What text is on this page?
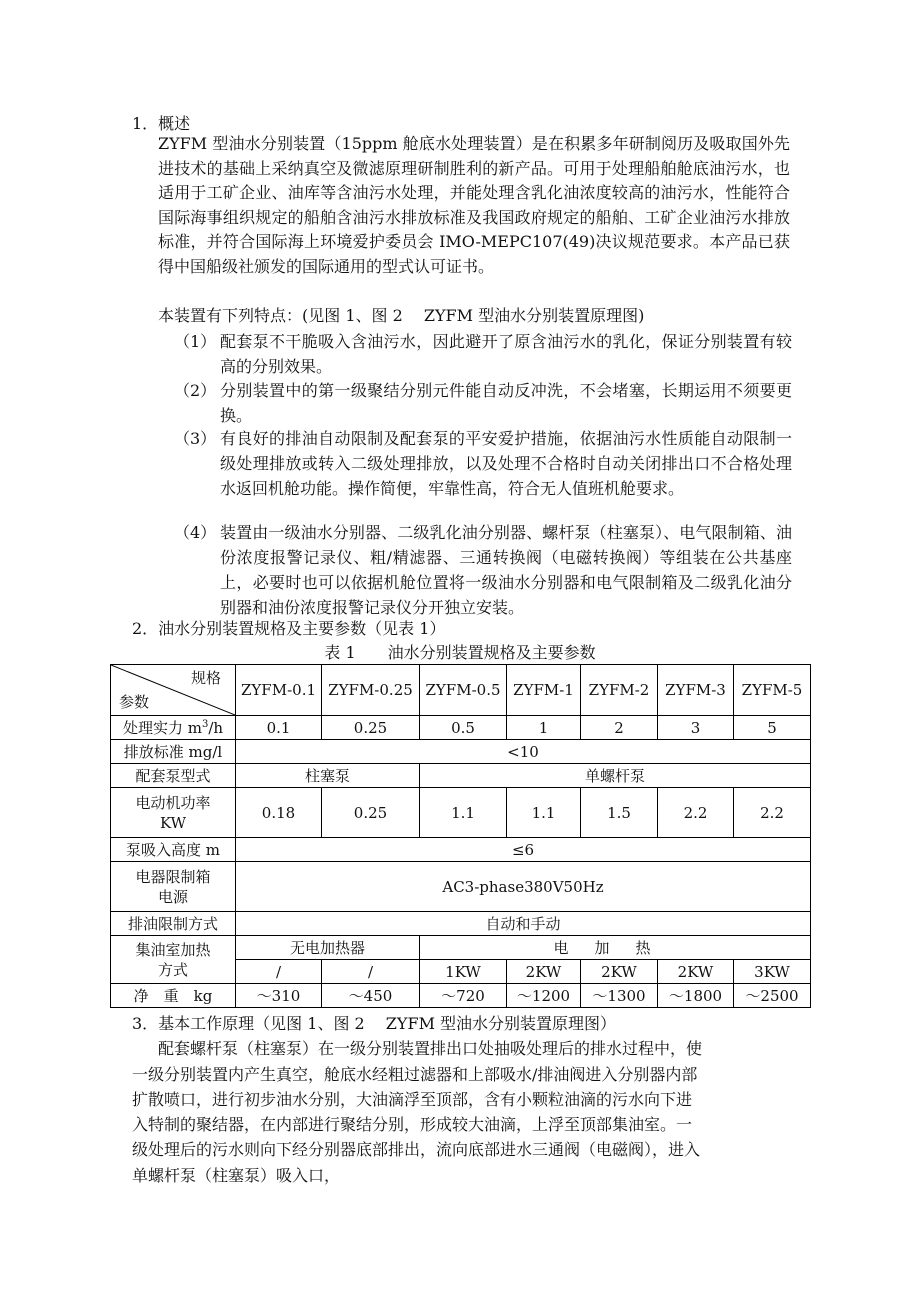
1．概述
ZYFM 型油水分别装置（15ppm 舱底水处理装置）是在积累多年研制阅历及吸取国外先进技术的基础上采纳真空及微滤原理研制胜利的新产品。可用于处理船舶舱底油污水，也适用于工矿企业、油库等含油污水处理，并能处理含乳化油浓度较高的油污水，性能符合国际海事组织规定的船舶含油污水排放标准及我国政府规定的船舶、工矿企业油污水排放标准，并符合国际海上环境爱护委员会 IMO-MEPC107(49)决议规范要求。本产品已获得中国船级社颁发的国际通用的型式认可证书。
本装置有下列特点：(见图 1、图 2　 ZYFM 型油水分别装置原理图)
（1） 配套泵不干脆吸入含油污水，因此避开了原含油污水的乳化，保证分别装置有较高的分别效果。
（2） 分别装置中的第一级聚结分别元件能自动反冲洗，不会堵塞，长期运用不须要更换。
（3） 有良好的排油自动限制及配套泵的平安爱护措施，依据油污水性质能自动限制一级处理排放或转入二级处理排放，以及处理不合格时自动关闭排出口不合格处理水返回机舱功能。操作简便，牢靠性高，符合无人值班机舱要求。
（4） 装置由一级油水分别器、二级乳化油分别器、螺杆泵（柱塞泵）、电气限制箱、油份浓度报警记录仪、粗/精滤器、三通转换阀（电磁转换阀）等组装在公共基座上，必要时也可以依据机舱位置将一级油水分别器和电气限制箱及二级乳化油分别器和油份浓度报警记录仪分开独立安装。
2．油水分别装置规格及主要参数（见表 1）
表 1　　油水分别装置规格及主要参数
规格
参数	ZYFM-0.1	ZYFM-0.25	ZYFM-0.5	ZYFM-1	ZYFM-2	ZYFM-3	ZYFM-5
处理实力 $m^3/h$	0.1	0.25	0.5	1	2	3	5
排放标准 mg/l	<10						
配套泵型式	柱塞泵		单螺杆泵				

电动机功率
KW	0.18	0.25	1.1	1.1	1.5	2.2	2.2
泵吸入高度 m	≤6						

电器限制箱
电源	AC3-phase380V50Hz						
排油限制方式	自动和手动						

集油室加热
方式	无电加热器		电加热				
	/	/	1KW	2KW	2KW	2KW	3KW
净　重　kg	～310	～450	～720	～1200	～1300	～1800	～2500
3．基本工作原理（见图 1、图 2　 ZYFM 型油水分别装置原理图）
配套螺杆泵（柱塞泵）在一级分别装置排出口处抽吸处理后的排水过程中，使
一级分别装置内产生真空，舱底水经粗过滤器和上部吸水/排油阀进入分别器内部
扩散喷口，进行初步油水分别，大油滴浮至顶部，含有小颗粒油滴的污水向下进
入特制的聚结器，在内部进行聚结分别，形成较大油滴，上浮至顶部集油室。一
级处理后的污水则向下经分别器底部排出，流向底部进水三通阀（电磁阀），进入
单螺杆泵（柱塞泵）吸入口，
